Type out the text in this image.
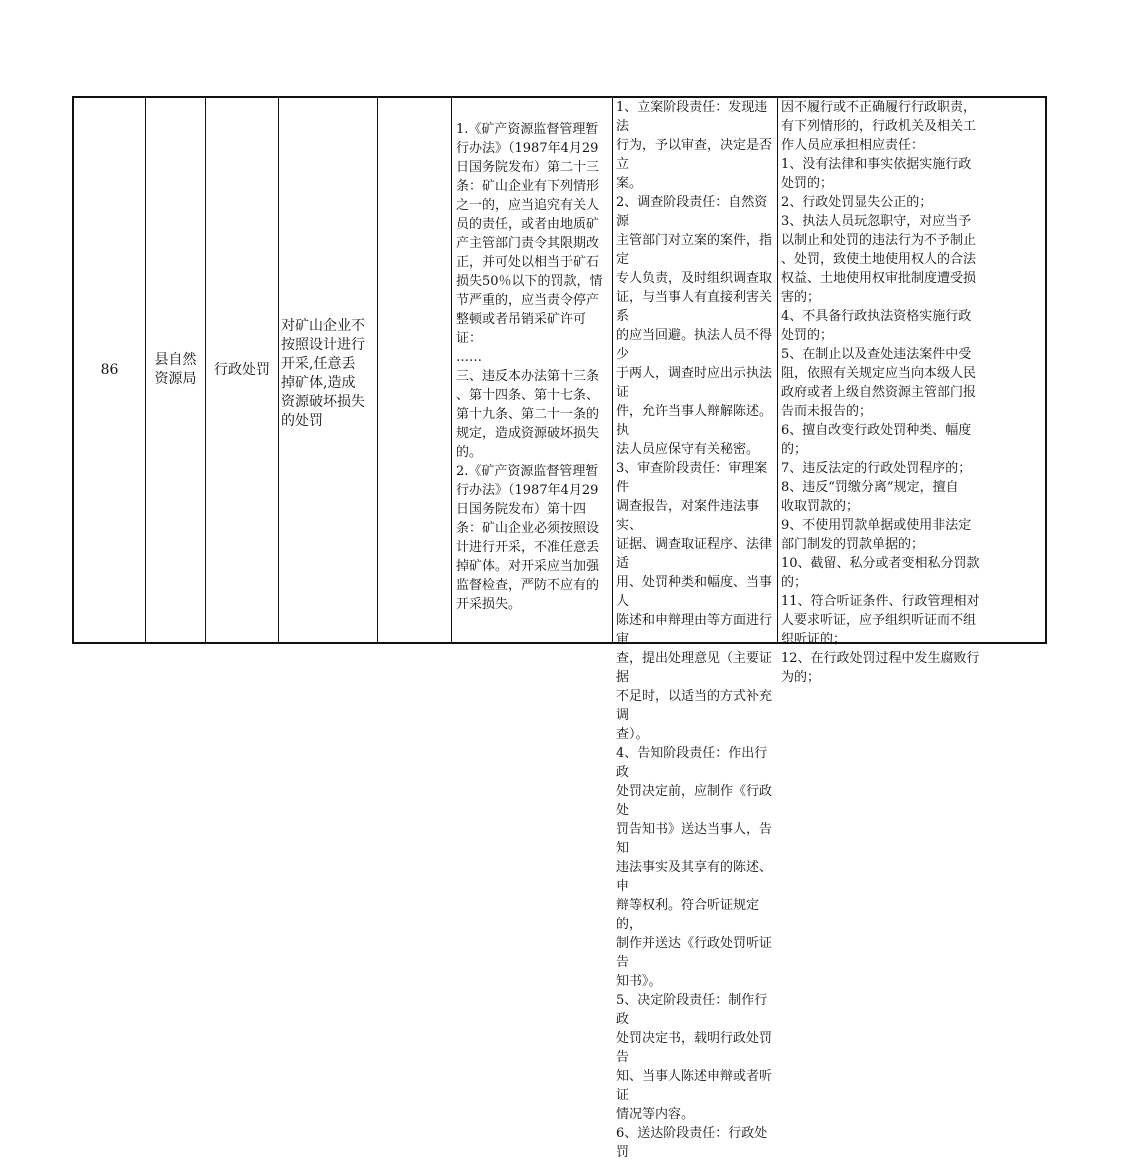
86
县自然
资源局
行政处罚
对矿山企业不
按照设计进行
开采,任意丢
掉矿体,造成
资源破坏损失
的处罚
1.《矿产资源监督管理暂
行办法》（1987年4月29
日国务院发布）第二十三
条：矿山企业有下列情形
之一的，应当追究有关人
员的责任，或者由地质矿
产主管部门责令其限期改
正，并可处以相当于矿石
损失50％以下的罚款，情
节严重的，应当责令停产
整顿或者吊销采矿许可
证：
……
三、违反本办法第十三条
、第十四条、第十七条、
第十九条、第二十一条的
规定，造成资源破坏损失
的。
2.《矿产资源监督管理暂
行办法》（1987年4月29
日国务院发布）第十四
条：矿山企业必须按照设
计进行开采，不准任意丢
掉矿体。对开采应当加强
监督检查，严防不应有的
开采损失。
1、立案阶段责任：发现违法
行为，予以审查，决定是否立
案。
2、调查阶段责任：自然资源
主管部门对立案的案件，指定
专人负责，及时组织调查取
证，与当事人有直接利害关系
的应当回避。执法人员不得少
于两人，调查时应出示执法证
件，允许当事人辩解陈述。执
法人员应保守有关秘密。
3、审查阶段责任：审理案件
调查报告，对案件违法事实、
证据、调查取证程序、法律适
用、处罚种类和幅度、当事人
陈述和申辩理由等方面进行审
查，提出处理意见（主要证据
不足时，以适当的方式补充调
查）。
4、告知阶段责任：作出行政
处罚决定前，应制作《行政处
罚告知书》送达当事人，告知
违法事实及其享有的陈述、申
辩等权利。符合听证规定的，
制作并送达《行政处罚听证告
知书》。
5、决定阶段责任：制作行政
处罚决定书，载明行政处罚告
知、当事人陈述申辩或者听证
情况等内容。
6、送达阶段责任：行政处罚
因不履行或不正确履行行政职责，
有下列情形的，行政机关及相关工
作人员应承担相应责任：
1、没有法律和事实依据实施行政
处罚的；
2、行政处罚显失公正的；
3、执法人员玩忽职守，对应当予
以制止和处罚的违法行为不予制止
、处罚，致使土地使用权人的合法
权益、土地使用权审批制度遭受损
害的；
4、不具备行政执法资格实施行政
处罚的；
5、在制止以及查处违法案件中受
阻，依照有关规定应当向本级人民
政府或者上级自然资源主管部门报
告而未报告的；
6、擅自改变行政处罚种类、幅度
的；
7、违反法定的行政处罚程序的；
8、违反“罚缴分离”规定，擅自
收取罚款的；
9、不使用罚款单据或使用非法定
部门制发的罚款单据的；
10、截留、私分或者变相私分罚款
的；
11、符合听证条件、行政管理相对
人要求听证，应予组织听证而不组
织听证的；
12、在行政处罚过程中发生腐败行
为的；
